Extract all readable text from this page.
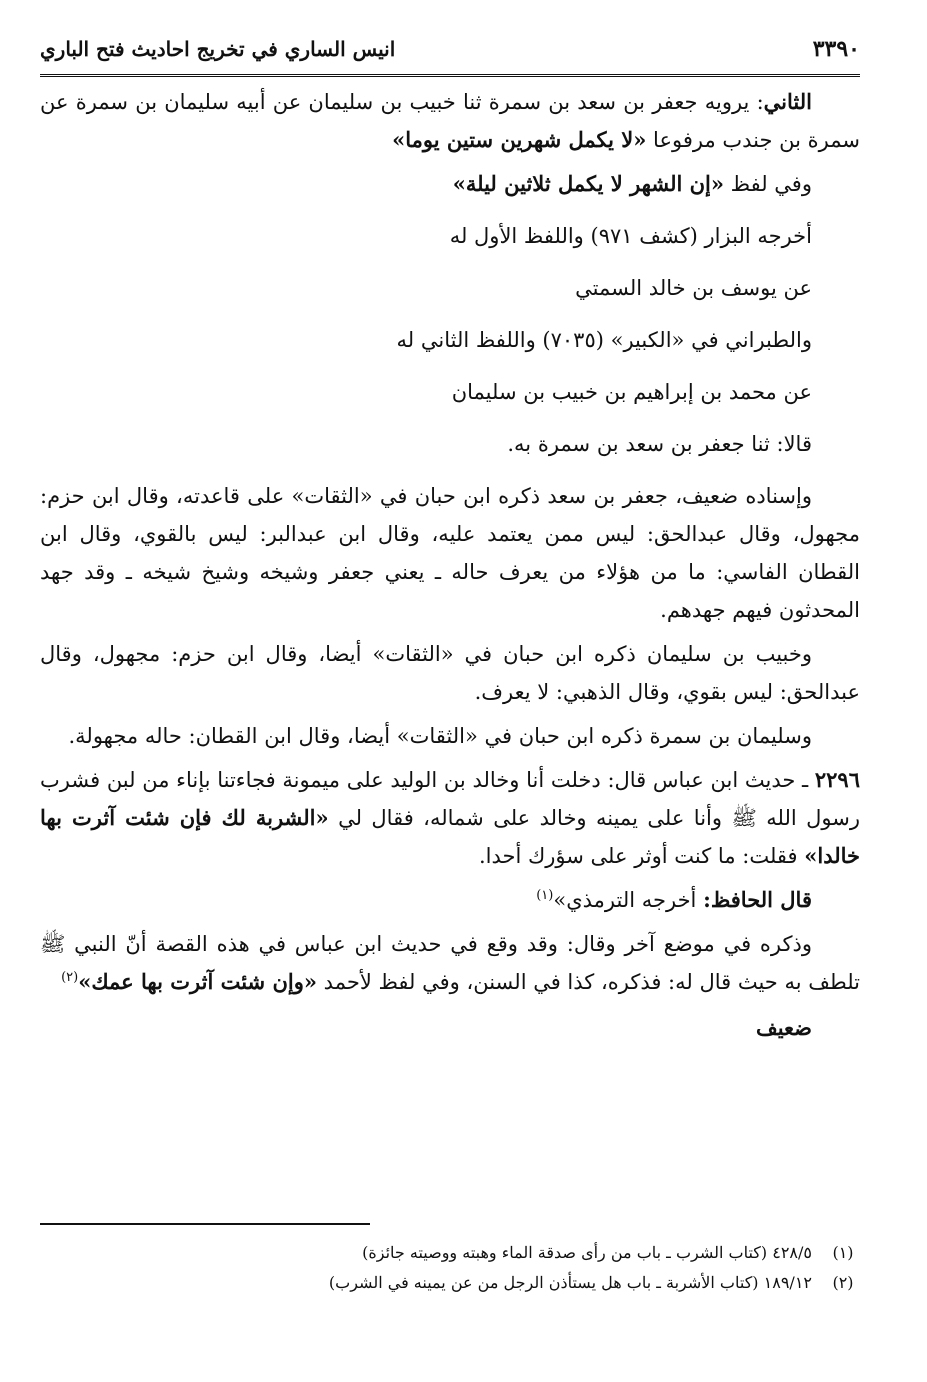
٣٣٩٠
انيس الساري في تخريج احاديث فتح الباري

الثاني: يرويه جعفر بن سعد بن سمرة ثنا خبيب بن سليمان عن أبيه سليمان بن سمرة عن سمرة بن جندب مرفوعا «لا يكمل شهرين ستين يوما»

وفي لفظ «إن الشهر لا يكمل ثلاثين ليلة»
أخرجه البزار (كشف ٩٧١) واللفظ الأول له
عن يوسف بن خالد السمتي
والطبراني في «الكبير» (٧٠٣٥) واللفظ الثاني له
عن محمد بن إبراهيم بن خبيب بن سليمان
قالا: ثنا جعفر بن سعد بن سمرة به.

وإسناده ضعيف، جعفر بن سعد ذكره ابن حبان في «الثقات» على قاعدته، وقال ابن حزم: مجهول، وقال عبدالحق: ليس ممن يعتمد عليه، وقال ابن عبدالبر: ليس بالقوي، وقال ابن القطان الفاسي: ما من هؤلاء من يعرف حاله ـ يعني جعفر وشيخه وشيخ شيخه ـ وقد جهد المحدثون فيهم جهدهم.

وخبيب بن سليمان ذكره ابن حبان في «الثقات» أيضا، وقال ابن حزم: مجهول، وقال عبدالحق: ليس بقوي، وقال الذهبي: لا يعرف.

وسليمان بن سمرة ذكره ابن حبان في «الثقات» أيضا، وقال ابن القطان: حاله مجهولة.

٢٢٩٦ ـ حديث ابن عباس قال: دخلت أنا وخالد بن الوليد على ميمونة فجاءتنا بإناء من لبن فشرب رسول الله ﷺ وأنا على يمينه وخالد على شماله، فقال لي «الشربة لك فإن شئت آثرت بها خالدا» فقلت: ما كنت أوثر على سؤرك أحدا.

قال الحافظ: أخرجه الترمذي»$^{(١)}$

وذكره في موضع آخر وقال: وقد وقع في حديث ابن عباس في هذه القصة أنّ النبي ﷺ تلطف به حيث قال له: فذكره، كذا في السنن، وفي لفظ لأحمد «وإن شئت آثرت بها عمك»$^{(٢)}$

ضعيف
(١)
٤٢٨/٥ (كتاب الشرب ـ باب من رأى صدقة الماء وهبته ووصيته جائزة)
(٢)
١٨٩/١٢ (كتاب الأشربة ـ باب هل يستأذن الرجل من عن يمينه في الشرب)
